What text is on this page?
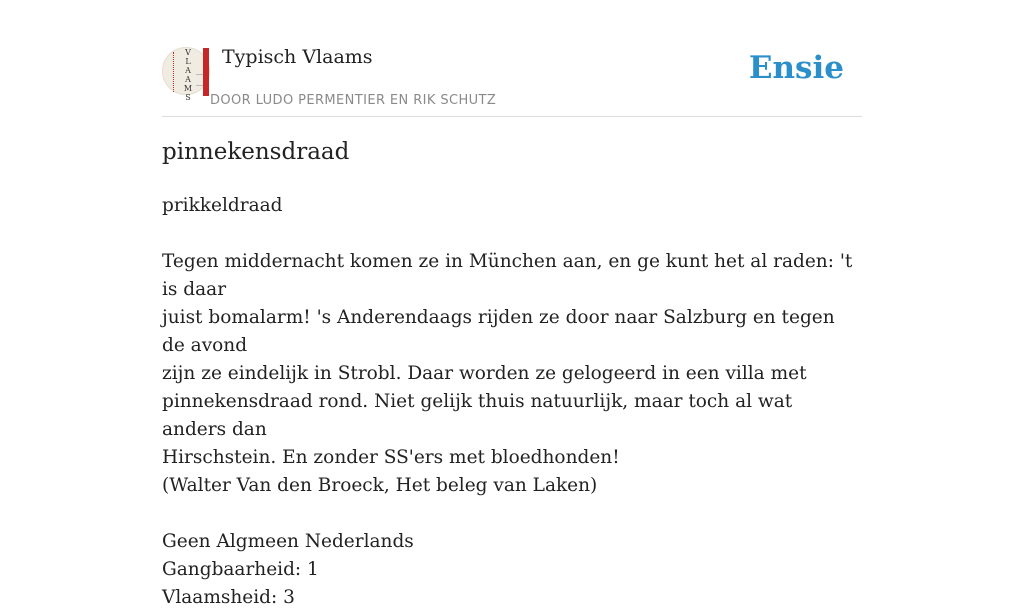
V
L
A
A
M
S
Typisch Vlaams
DOOR LUDO PERMENTIER EN RIK SCHUTZ
Ensie
pinnekensdraad

prikkeldraad

Tegen middernacht komen ze in München aan, en ge kunt het al raden: 't is daar

juist bomalarm! 's Anderendaags rijden ze door naar Salzburg en tegen de avond

zijn ze eindelijk in Strobl. Daar worden ze gelogeerd in een villa met

pinnekensdraad rond. Niet gelijk thuis natuurlijk, maar toch al wat anders dan

Hirschstein. En zonder SS'ers met bloedhonden!

(Walter Van den Broeck, Het beleg van Laken)

Geen Algmeen Nederlands

Gangbaarheid: 1

Vlaamsheid: 3
